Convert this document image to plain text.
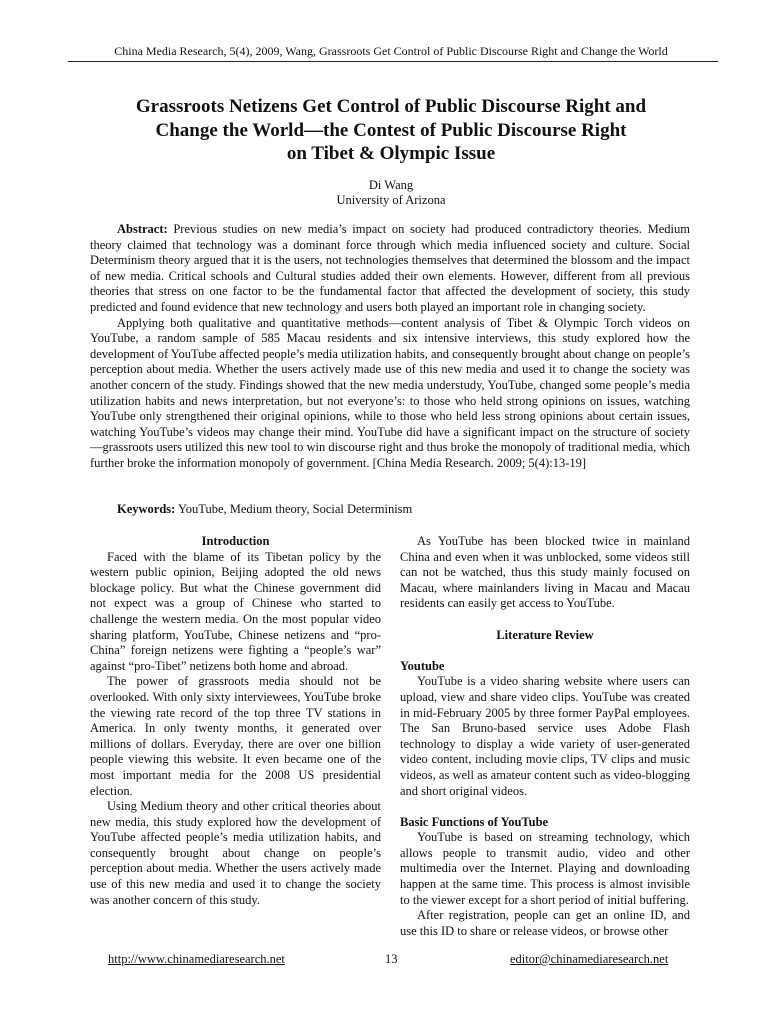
China Media Research, 5(4), 2009, Wang, Grassroots Get Control of Public Discourse Right and Change the World
Grassroots Netizens Get Control of Public Discourse Right and
Change the World—the Contest of Public Discourse Right
on Tibet & Olympic Issue
Di Wang
University of Arizona

Abstract: Previous studies on new media’s impact on society had produced contradictory theories. Medium theory claimed that technology was a dominant force through which media influenced society and culture. Social Determinism theory argued that it is the users, not technologies themselves that determined the blossom and the impact of new media. Critical schools and Cultural studies added their own elements. However, different from all previous theories that stress on one factor to be the fundamental factor that affected the development of society, this study predicted and found evidence that new technology and users both played an important role in changing society.

Applying both qualitative and quantitative methods—content analysis of Tibet & Olympic Torch videos on YouTube, a random sample of 585 Macau residents and six intensive interviews, this study explored how the development of YouTube affected people’s media utilization habits, and consequently brought about change on people’s perception about media. Whether the users actively made use of this new media and used it to change the society was another concern of the study. Findings showed that the new media understudy, YouTube, changed some people’s media utilization habits and news interpretation, but not everyone’s: to those who held strong opinions on issues, watching YouTube only strengthened their original opinions, while to those who held less strong opinions about certain issues, watching YouTube’s videos may change their mind. YouTube did have a significant impact on the structure of society—grassroots users utilized this new tool to win discourse right and thus broke the monopoly of traditional media, which further broke the information monopoly of government. [China Media Research. 2009; 5(4):13-19]

Keywords: YouTube, Medium theory, Social Determinism
Introduction

Faced with the blame of its Tibetan policy by the western public opinion, Beijing adopted the old news blockage policy. But what the Chinese government did not expect was a group of Chinese who started to challenge the western media. On the most popular video sharing platform, YouTube, Chinese netizens and “pro-China” foreign netizens were fighting a “people’s war” against “pro-Tibet” netizens both home and abroad.

The power of grassroots media should not be overlooked. With only sixty interviewees, YouTube broke the viewing rate record of the top three TV stations in America. In only twenty months, it generated over millions of dollars. Everyday, there are over one billion people viewing this website. It even became one of the most important media for the 2008 US presidential election.

Using Medium theory and other critical theories about new media, this study explored how the development of YouTube affected people’s media utilization habits, and consequently brought about change on people’s perception about media. Whether the users actively made use of this new media and used it to change the society was another concern of this study.

As YouTube has been blocked twice in mainland China and even when it was unblocked, some videos still can not be watched, thus this study mainly focused on Macau, where mainlanders living in Macau and Macau residents can easily get access to YouTube.

Literature Review
Youtube

YouTube is a video sharing website where users can upload, view and share video clips. YouTube was created in mid-February 2005 by three former PayPal employees. The San Bruno-based service uses Adobe Flash technology to display a wide variety of user-generated video content, including movie clips, TV clips and music videos, as well as amateur content such as video-blogging and short original videos.

Basic Functions of YouTube

YouTube is based on streaming technology, which allows people to transmit audio, video and other multimedia over the Internet. Playing and downloading happen at the same time. This process is almost invisible to the viewer except for a short period of initial buffering.

After registration, people can get an online ID, and use this ID to share or release videos, or browse other

http://www.chinamediaresearch.net	13	editor@chinamediaresearch.net
